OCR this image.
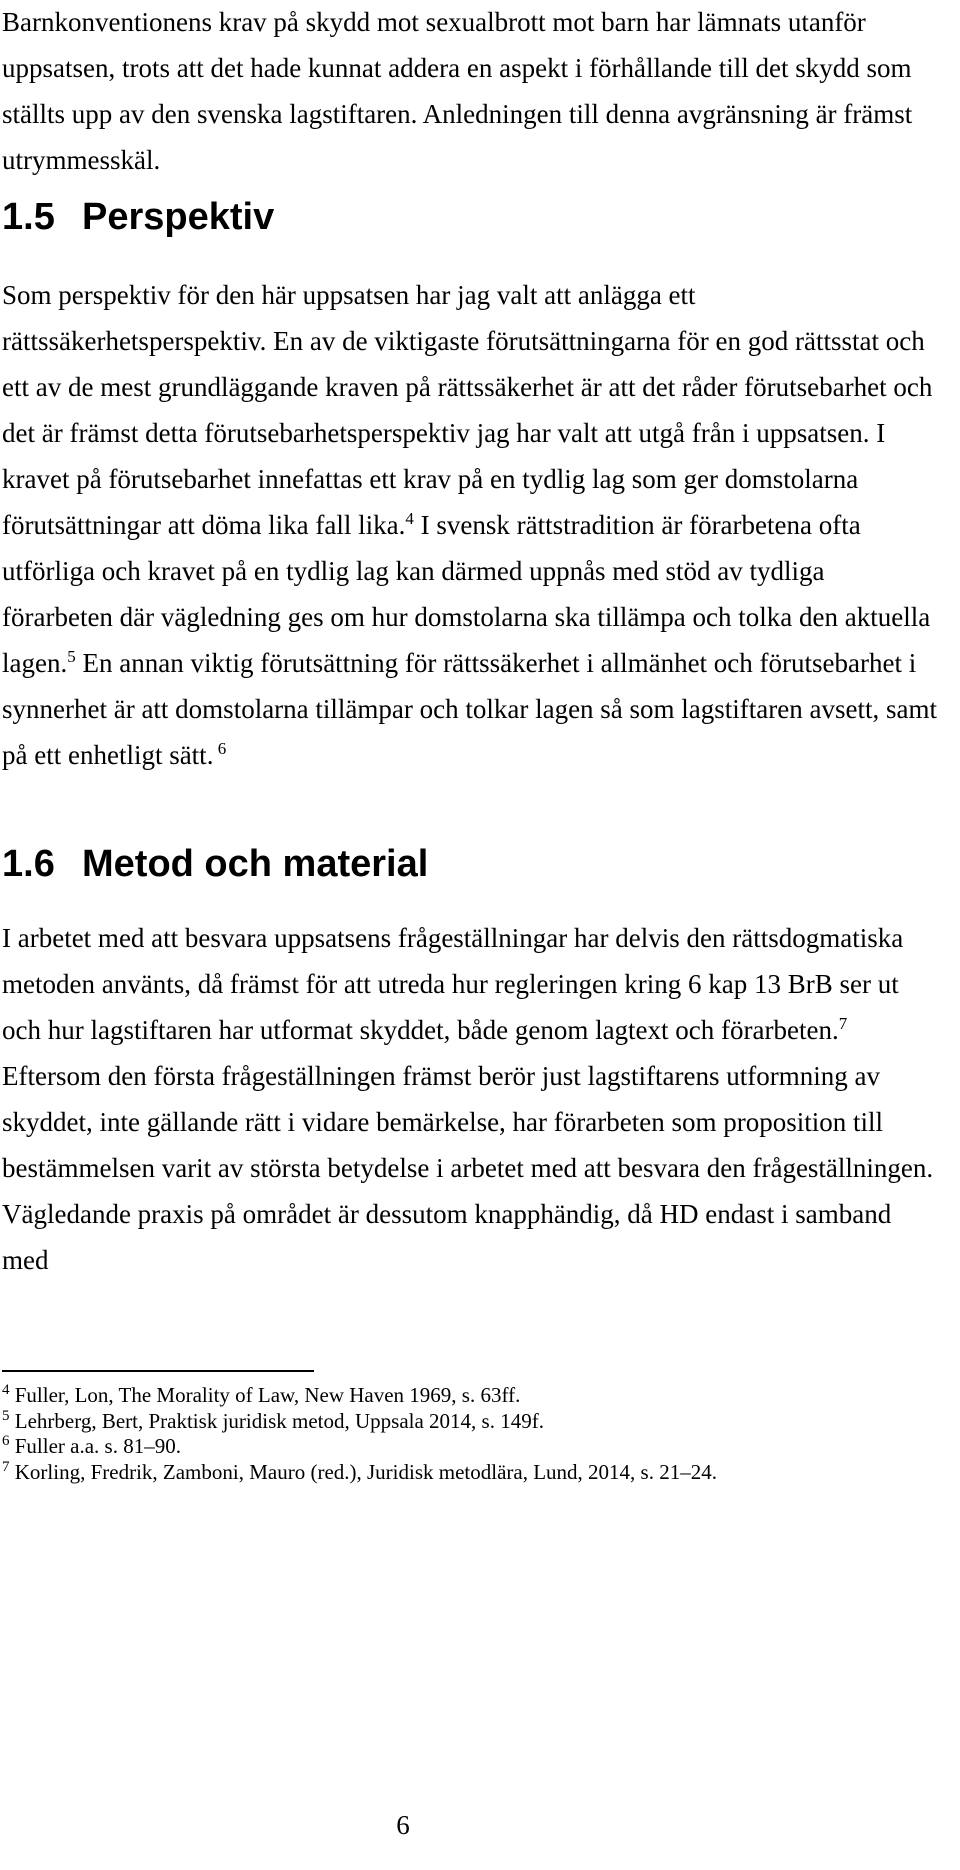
Barnkonventionens krav på skydd mot sexualbrott mot barn har lämnats utanför uppsatsen, trots att det hade kunnat addera en aspekt i förhållande till det skydd som ställts upp av den svenska lagstiftaren. Anledningen till denna avgränsning är främst utrymmesskäl.

1.5 Perspektiv

Som perspektiv för den här uppsatsen har jag valt att anlägga ett rättssäkerhetsperspektiv. En av de viktigaste förutsättningarna för en god rättsstat och ett av de mest grundläggande kraven på rättssäkerhet är att det råder förutsebarhet och det är främst detta förutsebarhetsperspektiv jag har valt att utgå från i uppsatsen. I kravet på förutsebarhet innefattas ett krav på en tydlig lag som ger domstolarna förutsättningar att döma lika fall lika.$^4$ I svensk rättstradition är förarbetena ofta utförliga och kravet på en tydlig lag kan därmed uppnås med stöd av tydliga förarbeten där vägledning ges om hur domstolarna ska tillämpa och tolka den aktuella lagen.$^5$ En annan viktig förutsättning för rättssäkerhet i allmänhet och förutsebarhet i synnerhet är att domstolarna tillämpar och tolkar lagen så som lagstiftaren avsett, samt på ett enhetligt sätt. $^6$

1.6 Metod och material

I arbetet med att besvara uppsatsens frågeställningar har delvis den rättsdogmatiska metoden använts, då främst för att utreda hur regleringen kring 6 kap 13 BrB ser ut och hur lagstiftaren har utformat skyddet, både genom lagtext och förarbeten.$^7$ Eftersom den första frågeställningen främst berör just lagstiftarens utformning av skyddet, inte gällande rätt i vidare bemärkelse, har förarbeten som proposition till bestämmelsen varit av största betydelse i arbetet med att besvara den frågeställningen. Vägledande praxis på området är dessutom knapphändig, då HD endast i samband med

$^4$ Fuller, Lon, The Morality of Law, New Haven 1969, s. 63ff.

$^5$ Lehrberg, Bert, Praktisk juridisk metod, Uppsala 2014, s. 149f.

$^6$ Fuller a.a. s. 81–90.

$^7$ Korling, Fredrik, Zamboni, Mauro (red.), Juridisk metodlära, Lund, 2014, s. 21–24.

6
